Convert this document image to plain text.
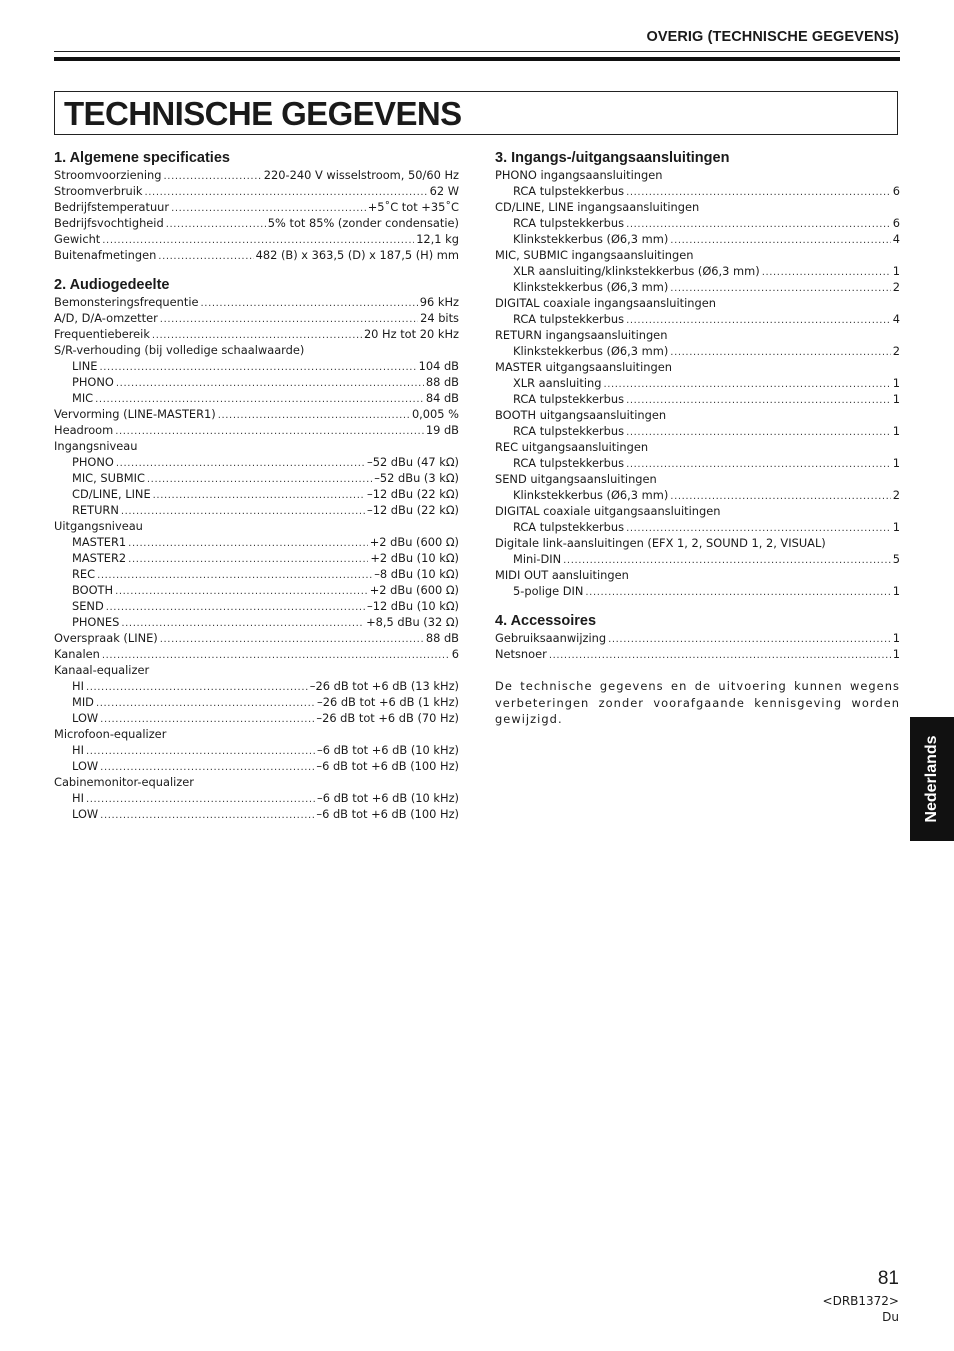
OVERIG (TECHNISCHE GEGEVENS)
TECHNISCHE GEGEVENS
1. Algemene specificaties
Stroomvoorziening .....	220-240 V wisselstroom, 50/60 Hz
Stroomverbruik .....	62 W
Bedrijfstemperatuur .....	+5˚C tot +35˚C
Bedrijfsvochtigheid .....	5% tot 85% (zonder condensatie)
Gewicht .....	12,1 kg
Buitenafmetingen .....	482 (B) x 363,5 (D) x 187,5 (H) mm
2. Audiogedeelte
Bemonsteringsfrequentie .....	96 kHz
A/D, D/A-omzetter .....	24 bits
Frequentiebereik .....	20 Hz tot 20 kHz
S/R-verhouding (bij volledige schaalwaarde)
LINE .....	104 dB
PHONO .....	88 dB
MIC .....	84 dB
Vervorming (LINE-MASTER1) .....	0,005 %
Headroom .....	19 dB
Ingangsniveau
PHONO .....	–52 dBu (47 kΩ)
MIC, SUBMIC .....	–52 dBu (3 kΩ)
CD/LINE, LINE .....	–12 dBu (22 kΩ)
RETURN .....	–12 dBu (22 kΩ)
Uitgangsniveau
MASTER1 .....	+2 dBu (600 Ω)
MASTER2 .....	+2 dBu (10 kΩ)
REC .....	–8 dBu (10 kΩ)
BOOTH .....	+2 dBu (600 Ω)
SEND .....	–12 dBu (10 kΩ)
PHONES .....	+8,5 dBu (32 Ω)
Overspraak (LINE) .....	88 dB
Kanalen .....	6
Kanaal-equalizer
HI .....	–26 dB tot +6 dB (13 kHz)
MID .....	–26 dB tot +6 dB (1 kHz)
LOW .....	–26 dB tot +6 dB (70 Hz)
Microfoon-equalizer
HI .....	–6 dB tot +6 dB (10 kHz)
LOW .....	–6 dB tot +6 dB (100 Hz)
Cabinemonitor-equalizer
HI .....	–6 dB tot +6 dB (10 kHz)
LOW .....	–6 dB tot +6 dB (100 Hz)
3. Ingangs-/uitgangsaansluitingen
PHONO ingangsaansluitingen
RCA tulpstekkerbus .....	6
CD/LINE, LINE ingangsaansluitingen
RCA tulpstekkerbus .....	6
Klinkstekkerbus (Ø6,3 mm) .....	4
MIC, SUBMIC ingangsaansluitingen
XLR aansluiting/klinkstekkerbus (Ø6,3 mm) .....	1
Klinkstekkerbus (Ø6,3 mm) .....	2
DIGITAL coaxiale ingangsaansluitingen
RCA tulpstekkerbus .....	4
RETURN ingangsaansluitingen
Klinkstekkerbus (Ø6,3 mm) .....	2
MASTER uitgangsaansluitingen
XLR aansluiting .....	1
RCA tulpstekkerbus .....	1
BOOTH uitgangsaansluitingen
RCA tulpstekkerbus .....	1
REC uitgangsaansluitingen
RCA tulpstekkerbus .....	1
SEND uitgangsaansluitingen
Klinkstekkerbus (Ø6,3 mm) .....	2
DIGITAL coaxiale uitgangsaansluitingen
RCA tulpstekkerbus .....	1
Digitale link-aansluitingen (EFX 1, 2, SOUND 1, 2, VISUAL)
Mini-DIN .....	5
MIDI OUT aansluitingen
5-polige DIN .....	1
4. Accessoires
Gebruiksaanwijzing .....	1
Netsnoer .....	1
De technische gegevens en de uitvoering kunnen wegens verbeteringen zonder voorafgaande kennisgeving worden gewijzigd.
Nederlands
81
<DRB1372>
Du
